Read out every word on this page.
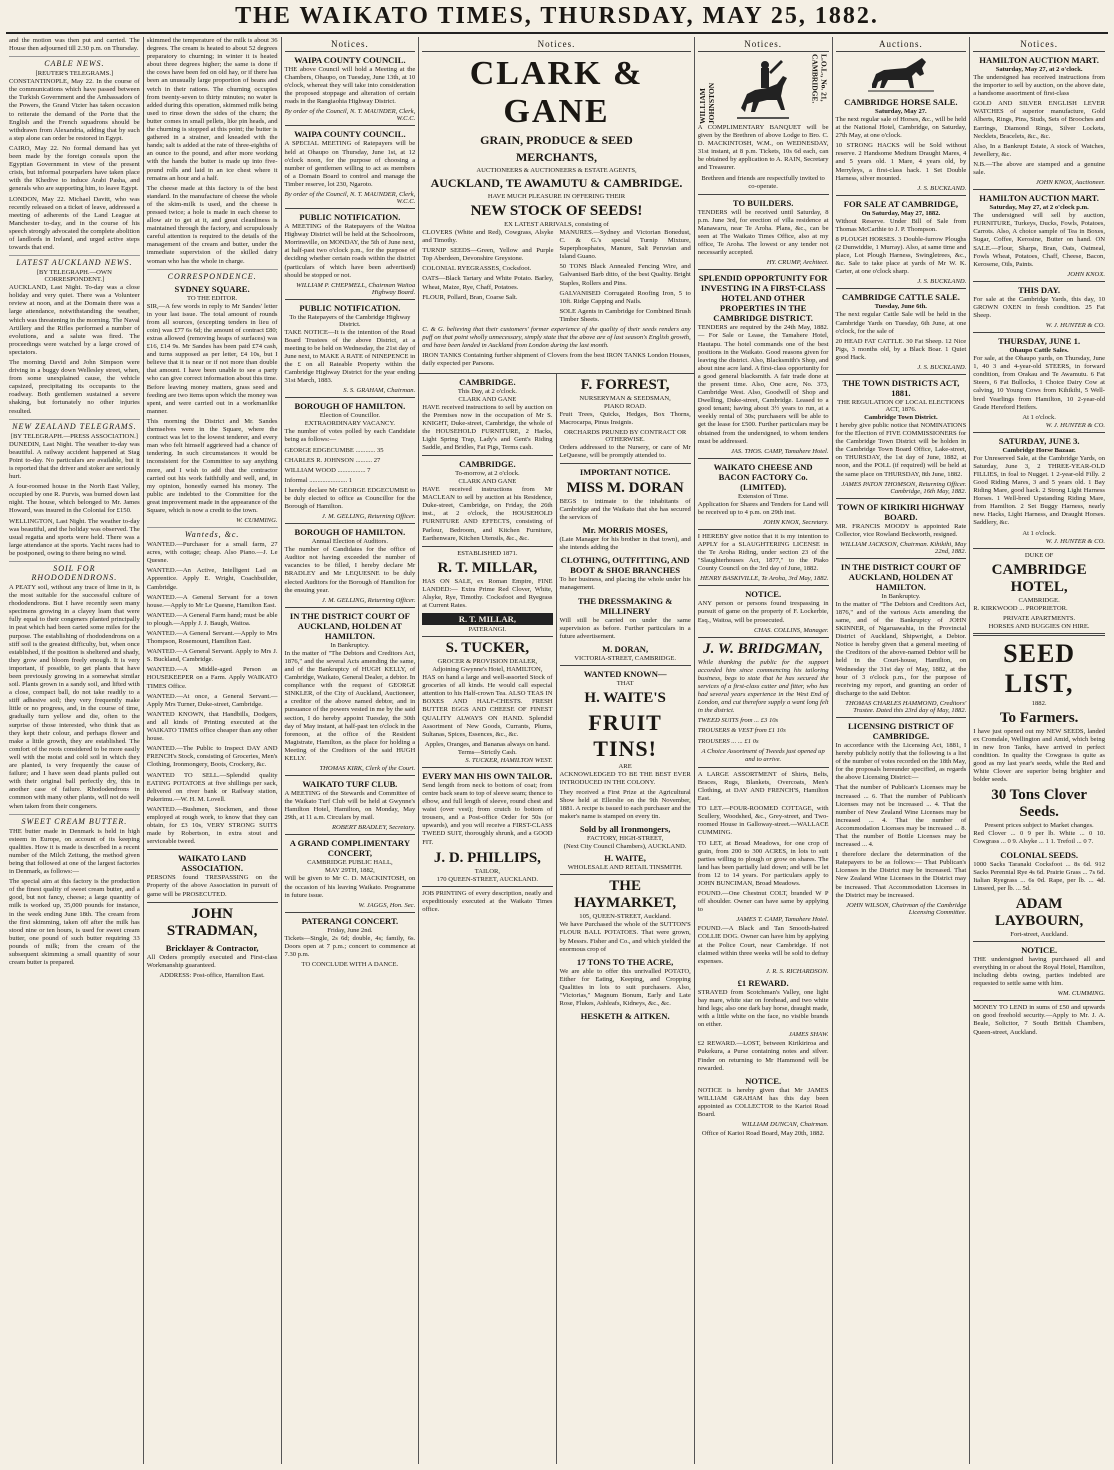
THE WAIKATO TIMES, THURSDAY, MAY 25, 1882.

and the motion was then put and carried. The House then adjourned till 2.30 p.m. on Thursday.

CABLE NEWS.
[REUTER'S TELEGRAMS.]

CONSTANTINOPLE, May 22. In the course of the communications which have passed between the Turkish Government and the Ambassadors of the Powers, the Grand Vizier has taken occasion to reiterate the demand of the Porte that the English and the French squadrons should be withdrawn from Alexandria, adding that by such a step alone can order be restored in Egypt.

CAIRO, May 22. No formal demand has yet been made by the foreign consuls upon the Egyptian Government in view of the present crisis, but informal pourparlers have taken place with the Khedive to induce Arabi Pasha, and generals who are supporting him, to leave Egypt.

LONDON, May 22. Michael Davitt, who was recently released on a ticket of leave, addressed a meeting of adherents of the Land League at Manchester to-day, and in the course of his speech strongly advocated the complete abolition of landlords in Ireland, and urged active steps towards that end.

LATEST AUCKLAND NEWS.
[BY TELEGRAPH.—OWN CORRESPONDENT.]

AUCKLAND, Last Night. To-day was a close holiday and very quiet. There was a Volunteer review at noon, and at the Domain there was a large attendance, notwithstanding the weather, which was threatening in the morning. The Naval Artillery and the Rifles performed a number of evolutions, and a salute was fired. The proceedings were watched by a large crowd of spectators.

The morning David and John Simpson were driving in a buggy down Wellesley street, when, from some unexplained cause, the vehicle capsized, precipitating its occupants to the roadway. Both gentlemen sustained a severe shaking, but fortunately no other injuries resulted.

NEW ZEALAND TELEGRAMS.
[BY TELEGRAPH.—PRESS ASSOCIATION.]

DUNEDIN, Last Night. The weather to-day was beautiful. A railway accident happened at Stag Point to-day. No particulars are available, but it is reported that the driver and stoker are seriously hurt.

A four-roomed house in the North East Valley, occupied by one R. Purvis, was burned down last night. The house, which belonged to Mr. James Howard, was insured in the Colonial for £150.

WELLINGTON, Last Night. The weather to-day was beautiful, and the holiday was observed. The usual regatta and sports were held. There was a large attendance at the sports. Yacht races had to be postponed, owing to there being no wind.

SOIL FOR RHODODENDRONS.

A PEATY soil, without any trace of lime in it, is the most suitable for the successful culture of rhododendrons. But I have recently seen many specimens growing in a clayey loam that were fully equal to their congeners planted principally in peat which had been carted some miles for the purpose. The establishing of rhododendrons on a stiff soil is the greatest difficulty, but, when once established, if the position is sheltered and shady, they grow and bloom freely enough. It is very important, if possible, to get plants that have been previously growing in a somewhat similar soil. Plants grown in a sandy soil, and lifted with a close, compact ball, do not take readily to a stiff adhesive soil; they very frequently make little or no progress, and, in the course of time, gradually turn yellow and die, often to the surprise of those interested, who think that as they kept their colour, and perhaps flower and make a little growth, they are established. The comfort of the roots considered to be more easily well with the moist and cold soil in which they are planted, is very frequently the cause of failure; and I have seen dead plants pulled out with their original ball perfectly dry, this in another case of failure. Rhododendrons in common with many other plants, will not do well when taken from their congeners.

SWEET CREAM BUTTER.

THE butter made in Denmark is held in high esteem in Europe, on account of its keeping qualities. How it is made is described in a recent number of the Milch Zeitung, the method given being that followed at one of the largest factories in Denmark, as follows:—

The special aim at this factory is the production of the finest quality of sweet cream butter, and a good, but not fancy, cheese; a large quantity of milk is worked up, 35,000 pounds for instance, in the week ending June 18th. The cream from the first skimming, taken off after the milk has stood nine or ten hours, is used for sweet cream butter, one pound of such butter requiring 33 pounds of milk; from the cream of the subsequent skimming a small quantity of sour cream butter is prepared.

skimmed the temperature of the milk is about 36 degrees. The cream is heated to about 52 degrees preparatory to churning; in winter it is heated about three degrees higher; the same is done if the cows have been fed on old hay, or if there has been an unusually large proportion of beans and vetch in their rations. The churning occupies from twenty-seven to thirty minutes; no water is added during this operation, skimmed milk being used to rinse down the sides of the churn; the butter comes in small pellets, like pin heads, and the churning is stopped at this point; the butter is gathered in a strainer, and kneaded with the hands; salt is added at the rate of three-eighths of an ounce to the pound, and after more working with the hands the butter is made up into five-pound rolls and laid in an ice chest where it remains an hour and a half.

The cheese made at this factory is of the best standard. In the manufacture of cheese the whole of the skim-milk is used, and the cheese is pressed twice; a hole is made in each cheese to allow air to get at it, and great cleanliness is maintained through the factory, and scrupulously careful attention is required to the details of the management of the cream and butter, under the immediate supervision of the skilled dairy woman who has the whole in charge.

CORRESPONDENCE.
SYDNEY SQUARE.
TO THE EDITOR.

SIR,—A few words in reply to Mr Sandes' letter in your last issue. The total amount of rounds from all sources, (excepting tenders in lieu of coin) was £77 6s 6d; the amount of contract £80; extras allowed (removing heaps of surfaces) was £16, £14 9s. Mr Sandes has been paid £74 cash, and turns supposed as per letter, £4 10s, but I believe that it is near or if not more than double that amount. I have been unable to see a party who can give correct information about this time. Before leaving money matters, grass seed and feeding are two items upon which the money was spent, and were carried out in a workmanlike manner.

This morning the District and Mr. Sandes themselves were in the Square, where the contract was let to the lowest tenderer, and every man who felt himself aggrieved had a chance of tendering. In such circumstances it would be inconsistent for the Committee to say anything more, and I wish to add that the contractor carried out his work faithfully and well, and, in my opinion, honestly earned his money. The public are indebted to the Committee for the great improvement made in the appearance of the Square, which is now a credit to the town.

W. CUMMING.
Wanteds, &c.

WANTED.—Purchaser for a small farm, 27 acres, with cottage; cheap. Also Piano.—J. Le Quesne.

WANTED.—An Active, Intelligent Lad as Apprentice. Apply E. Wright, Coachbuilder, Cambridge.

WANTED.—A General Servant for a town house.—Apply to Mr Le Quesne, Hamilton East.

WANTED.—A General Farm hand; must be able to plough.—Apply J. J. Baugh, Waitoa.

WANTED.—A General Servant.—Apply to Mrs Thompson, Rosemount, Hamilton East.

WANTED.—A General Servant. Apply to Mrs J. S. Buckland, Cambridge.

WANTED.—A Middle-aged Person as HOUSEKEEPER on a Farm. Apply WAIKATO TIMES Office.

WANTED.—At once, a General Servant.—Apply Mrs Turner, Duke-street, Cambridge.

WANTED KNOWN, that Handbills, Dodgers, and all kinds of Printing executed at the WAIKATO TIMES office cheaper than any other house.

WANTED.—The Public to Inspect DAY AND FRENCH's Stock, consisting of Groceries, Men's Clothing, Ironmongery, Boots, Crockery, &c.

WANTED TO SELL.—Splendid quality EATING POTATOES at five shillings per sack, delivered on river bank or Railway station, Pukerimu.—W. H. M. Lovell.

WANTED.—Bushmen, Stockmen, and those employed at rough work, to know that they can obtain, for £3 10s, VERY STRONG SUITS made by Robertson, in extra stout and serviceable tweed.

WAIKATO LAND ASSOCIATION.

PERSONS found TRESPASSING on the Property of the above Association in pursuit of game will be PROSECUTED.

JOHN STRADMAN,
Bricklayer & Contractor,

All Orders promptly executed and First-class Workmanship guaranteed.

ADDRESS: Post-office, Hamilton East.
Notices.
WAIPA COUNTY COUNCIL.

THE above Council will hold a Meeting at the Chambers, Ohaupo, on Tuesday, June 13th, at 10 o'clock, whereat they will take into consideration the proposed stoppage and alteration of certain roads in the Rangiaohia Highway District.

By order of the Council, N. T. MAUNDER, Clerk, W.C.C.
WAIPA COUNTY COUNCIL.

A SPECIAL MEETING of Ratepayers will be held at Ohaupo on Thursday, June 1st, at 12 o'clock noon, for the purpose of choosing a number of gentlemen willing to act as members of a Domain Board to control and manage the Timber reserve, lot 230, Ngaroto.

By order of the Council, N. T. MAUNDER, Clerk, W.C.C.
PUBLIC NOTIFICATION.

A MEETING of the Ratepayers of the Waitoa Highway District will be held at the Schoolroom, Morrinsville, on MONDAY, the 5th of June next, at half-past two o'clock p.m., for the purpose of deciding whether certain roads within the district (particulars of which have been advertised) should be stopped or not.

WILLIAM P. CHEPMELL, Chairman Waitoa Highway Board.
PUBLIC NOTIFICATION.
To the Ratepayers of the Cambridge Highway District.

TAKE NOTICE—It is the intention of the Road Board Trustees of the above District, at a meeting to be held on Wednesday, the 21st day of June next, to MAKE A RATE of NINEPENCE in the £ on all Rateable Property within the Cambridge Highway District for the year ending 31st March, 1883.

S. S. GRAHAM, Chairman.
BOROUGH OF HAMILTON.
Election of Councillor.
EXTRAORDINARY VACANCY.

The number of votes polled by each Candidate being as follows:—

GEORGE EDGECUMBE ............ 35

CHARLES R. JOHNSON .......... 27

WILLIAM WOOD ................. 7

Informal ....................... 1

I hereby declare Mr GEORGE EDGECUMBE to be duly elected to office as Councillor for the Borough of Hamilton.

J. M. GELLING, Returning Officer.
BOROUGH OF HAMILTON.
Annual Election of Auditors.

The number of Candidates for the office of Auditor not having exceeded the number of vacancies to be filled, I hereby declare Mr BRADLEY and Mr LEQUESNE to be duly elected Auditors for the Borough of Hamilton for the ensuing year.

J. M. GELLING, Returning Officer.
IN THE DISTRICT COURT OF AUCKLAND, HOLDEN AT HAMILTON.
In Bankruptcy.

In the matter of "The Debtors and Creditors Act, 1876," and the several Acts amending the same, and of the Bankruptcy of HUGH KELLY, of Cambridge, Waikato, General Dealer, a debtor. In compliance with the request of GEORGE SINKLER, of the City of Auckland, Auctioneer, a creditor of the above named debtor, and in pursuance of the powers vested in me by the said section, I do hereby appoint Tuesday, the 30th day of May instant, at half-past ten o'clock in the forenoon, at the office of the Resident Magistrate, Hamilton, as the place for holding a Meeting of the Creditors of the said HUGH KELLY.

THOMAS KIRK, Clerk of the Court.
WAIKATO TURF CLUB.

A MEETING of the Stewards and Committee of the Waikato Turf Club will be held at Gwynne's Hamilton Hotel, Hamilton, on Monday, May 29th, at 11 a.m. Circulars by mail.

ROBERT BRADLEY, Secretary.
A GRAND COMPLIMENTARY CONCERT,
CAMBRIDGE PUBLIC HALL,
MAY 29TH, 1882,

Will be given to Mr C. D. MACKINTOSH, on the occasion of his leaving Waikato. Programme in future issue.

W. JAGGS, Hon. Sec.
PATERANGI CONCERT.
Friday, June 2nd.

Tickets—Single, 2s 6d; double, 4s; family, 6s. Doors open at 7 p.m.; concert to commence at 7.30 p.m.

TO CONCLUDE WITH A DANCE.
Notices.
CLARK & GANE
GRAIN, PRODUCE & SEED
MERCHANTS,
AUCTIONEERS & AUCTIONEERS & ESTATE AGENTS,
AUCKLAND, TE AWAMUTU & CAMBRIDGE.
HAVE MUCH PLEASURE IN OFFERING THEIR
NEW STOCK OF SEEDS!
EX LATEST ARRIVALS, consisting of

CLOVERS (White and Red), Cowgrass, Alsyke and Timothy.

TURNIP SEEDS—Green, Yellow and Purple Top Aberdeen, Devonshire Greystone.

COLONIAL RYEGRASSES, Cocksfoot.

OATS—Black Tartary and White Potato. Barley, Wheat, Maize, Rye, Chaff, Potatoes.

FLOUR, Pollard, Bran, Coarse Salt.

MANURES.—Sydney and Victorian Bonedust, C. & G.'s special Turnip Mixture, Superphosphates, Manure, Salt Peruvian and Island Guano.

50 TONS Black Annealed Fencing Wire, and Galvanised Barb ditto, of the best Quality. Bright Staples, Rollers and Pins.

GALVANISED Corrugated Roofing Iron, 5 to 10ft. Ridge Capping and Nails.

SOLE Agents in Cambridge for Combined Brush Timber Sheets.

C. & G. believing that their customers' former experience of the quality of their seeds renders any puff on that point wholly unnecessary, simply state that the above are of last season's English growth, and have been landed in Auckland from London during the last month.

IRON TANKS Containing further shipment of Clovers from the best IRON TANKS London Houses, daily expected per Parsons.

CAMBRIDGE.
This Day, at 2 o'clock.
CLARK AND GANE

HAVE received instructions to sell by auction on the Premises now in the occupation of Mr S. KNIGHT, Duke-street, Cambridge, the whole of the HOUSEHOLD FURNITURE, 2 Hacks, Light Spring Trap, Lady's and Gent's Riding Saddle, and Bridles, Fat Pigs, Terms cash.

CAMBRIDGE.
To-morrow, at 2 o'clock.
CLARK AND GANE

HAVE received instructions from Mr MACLEAN to sell by auction at his Residence, Duke-street, Cambridge, on Friday, the 26th inst., at 2 o'clock, the HOUSEHOLD FURNITURE AND EFFECTS, consisting of Parlour, Bedroom, and Kitchen Furniture, Earthenware, Kitchen Utensils, &c., &c.

ESTABLISHED 1871.
R. T. MILLAR,

HAS ON SALE, ex Roman Empire, FINE LANDED:— Extra Prime Red Clover, White, Alsyke, Rye, Timothy. Cocksfoot and Ryegrass at Current Rates.

R. T. MILLAR,
PATERANGI.
S. TUCKER,
GROCER & PROVISION DEALER,
Adjoining Gwynne's Hotel, HAMILTON,

HAS on hand a large and well-assorted Stock of groceries of all kinds. He would call especial attention to his Half-crown Tea. ALSO TEAS IN BOXES AND HALF-CHESTS. FRESH BUTTER EGGS AND CHEESE OF FINEST QUALITY ALWAYS ON HAND. Splendid Assortment of New Goods, Currants, Plums, Sultanas, Spices, Essences, &c., &c.

Apples, Oranges, and Bananas always on hand.
Terms—Strictly Cash.
S. TUCKER, HAMILTON WEST.
EVERY MAN HIS OWN TAILOR.

Send length from neck to bottom of coat; from centre back seam to top of sleeve seam; thence to elbow, and full length of sleeve, round chest and waist (over vest); from crutch to bottom of trousers, and a Post-office Order for 50s (or upwards), and you will receive a FIRST-CLASS TWEED SUIT, thoroughly shrunk, and a GOOD FIT.

J. D. PHILLIPS,
TAILOR,
170 QUEEN-STREET, AUCKLAND.

JOB PRINTING of every description, neatly and expeditiously executed at the Waikato Times office.

F. FORREST,
NURSERYMAN & SEEDSMAN,
PIAKO ROAD.

Fruit Trees, Quicks, Hedges, Box Thorns, Macrocarpa, Pinus Insignis.

ORCHARDS PRUNED BY CONTRACT OR OTHERWISE.

Orders addressed to the Nursery, or care of Mr LeQuesne, will be promptly attended to.

IMPORTANT NOTICE.
MISS M. DORAN

BEGS to intimate to the inhabitants of Cambridge and the Waikato that she has secured the services of

Mr. MORRIS MOSES,

(Late Manager for his brother in that town), and she intends adding the

CLOTHING, OUTFITTING, AND BOOT & SHOE BRANCHES

To her business, and placing the whole under his management.

THE DRESSMAKING & MILLINERY

Will still be carried on under the same supervision as before. Further particulars in a future advertisement.

M. DORAN,
VICTORIA-STREET, CAMBRIDGE.
WANTED KNOWN—
THAT
H. WAITE'S
FRUIT TINS!
ARE

ACKNOWLEDGED TO BE THE BEST EVER INTRODUCED IN THE COLONY.

They received a First Prize at the Agricultural Show held at Ellerslie on the 9th November, 1881. A recipe is issued to each purchaser and the maker's name is stamped on every tin.

Sold by all Ironmongers,
FACTORY, HIGH-STREET,
(Next City Council Chambers), AUCKLAND.
H. WAITE,
WHOLESALE AND RETAIL TINSMITH.
THE HAYMARKET,
105, QUEEN-STREET, Auckland.

We have Purchased the whole of the SUTTON'S FLOUR BALL POTATOES. That were grown, by Messrs. Fisher and Co., and which yielded the enormous crop of

17 TONS TO THE ACRE,

We are able to offer this unrivalled POTATO, Either for Eating, Keeping, and Cropping Qualities in lots to suit purchasers. Also, "Victorias," Magnum Bonum, Early and Late Rose, Flukes, Ashleafs, Kidneys, &c., &c.

HESKETH & AITKEN.
Notices.
WILLIAM JOHNSTON
L.O.L., No. 21, CAMBRIDGE.

A COMPLIMENTARY BANQUET will be given by the Brethren of above Lodge to Bro. C. D. MACKINTOSH, W.M., on WEDNESDAY, 31st instant, at 8 p.m. Tickets, 10s 6d each, can be obtained by application to A. RAIN, Secretary and Treasurer.

Brethren and friends are respectfully invited to co-operate.

TO BUILDERS.

TENDERS will be received until Saturday, 8 p.m. June 3rd, for erection of villa residence at Manawaru, near Te Aroha. Plans, &c., can be seen at The Waikato Times Office, also at my office, Te Aroha. The lowest or any tender not necessarily accepted.

HY. CRUMP, Architect.
SPLENDID OPPORTUNITY FOR INVESTING IN A FIRST-CLASS HOTEL AND OTHER PROPERTIES IN THE CAMBRIDGE DISTRICT.

TENDERS are required by the 24th May, 1882.— For Sale or Lease, the Tamahere Hotel, Hautapu. The hotel commands one of the best positions in the Waikato. Good reasons given for leaving the district. Also, Blacksmith's Shop, and about nine acre land. A first-class opportunity for a good general blacksmith. A fair trade done at the present time. Also, One acre, No. 373, Cambridge West. Also, Goodwill of Shop and Dwelling, Duke-street, Cambridge. Leased to a good tenant; having about 3½ years to run, at a weekly rental of 30s; purchasers will be able to get the lease for £500. Further particulars may be obtained from the undersigned, to whom tenders must be addressed.

JAS. THOS. CAMP, Tamahere Hotel.
WAIKATO CHEESE AND BACON FACTORY Co. (LIMITED).
Extension of Time.

Application for Shares and Tenders for Land will be received up to 4 p.m. on 29th inst.

JOHN KNOX, Secretary.

I HEREBY give notice that it is my intention to APPLY for a SLAUGHTERING LICENSE in the Te Aroha Riding, under section 23 of the "Slaughterhouses Act, 1877," to the Piako County Council on the 3rd day of June, 1882.

HENRY BASKIVILLE, Te Aroha, 3rd May, 1882.
NOTICE.

ANY person or persons found trespassing in pursuit of game on the property of F. Lockerbie, Esq., Waitoa, will be prosecuted.

CHAS. COLLINS, Manager.
J. W. BRIDGMAN,

While thanking the public for the support accorded him since commencing his tailoring business, begs to state that he has secured the services of a first-class cutter and fitter, who has had several years experience in the West End of London, and cut therefore supply a want long felt in the district.

TWEED SUITS from ... £3 10s

TROUSERS & VEST from £1 10s

TROUSERS ... ... £1 0s

A Choice Assortment of Tweeds just opened up and to arrive.

A LARGE ASSORTMENT of Shirts, Belts, Braces, Rugs, Blankets, Overcoats, Men's Clothing, at DAY AND FRENCH'S, Hamilton East.

TO LET.—FOUR-ROOMED COTTAGE, with Scullery, Woodshed, &c., Grey-street, and Two-roomed House in Galloway-street.—WALLACE CUMMING.

TO LET, at Broad Meadows, for one crop of grain, from 200 to 300 ACRES, in lots to suit parties willing to plough or grow on shares. The land has been partially laid down; and will be let from 12 to 14 years. For particulars apply to JOHN BUNCIMAN, Broad Meadows.

FOUND.—One Chestnut COLT, branded W P off shoulder. Owner can have same by applying to

JAMES T. CAMP, Tamahere Hotel.

FOUND.—A Black and Tan Smooth-haired COLLIE DOG. Owner can have him by applying at the Police Court, near Cambridge. If not claimed within three weeks will be sold to defray expenses.

J. R. S. RICHARDSON.
£1 REWARD.

STRAYED from Scotchman's Valley, one light bay mare, white star on forehead, and two white hind legs; also one dark bay horse, draught made, with a little white on the face, no visible brands on either.

JAMES SHAW.

£2 REWARD.—LOST, between Kirikiriroa and Pukekura, a Purse containing notes and silver. Finder on returning to Mr Hammond will be rewarded.

NOTICE.

NOTICE is hereby given that Mr JAMES WILLIAM GRAHAM has this day been appointed as COLLECTOR to the Karioi Road Board.

WILLIAM DUNCAN, Chairman.
Office of Karioi Road Board, May 20th, 1882.
Auctions.
CAMBRIDGE HORSE SALE.
Saturday, May 27.

The next regular sale of Horses, &c., will be held at the National Hotel, Cambridge, on Saturday, 27th May, at one o'clock.

10 STRONG HACKS will be Sold without reserve. 2 Handsome Medium Draught Mares, 4 and 5 years old. 1 Mare, 4 years old, by Merryleys, a first-class hack. 1 Set Double Harness, silver mounted.

J. S. BUCKLAND.
FOR SALE AT CAMBRIDGE,
On Saturday, May 27, 1882.

Without Reserve. Under Bill of Sale from Thomas McCarthie to J. P. Thompson.

8 PLOUGH HORSES. 3 Double-furrow Ploughs (2 Dunwiddie, 1 Murray). Also, at same time and place, Lot Plough Harness, Swingletrees, &c., &c. Sale to take place at yards of Mr W. K. Carter, at one o'clock sharp.

J. S. BUCKLAND.
CAMBRIDGE CATTLE SALE.
Tuesday, June 6th.

The next regular Cattle Sale will be held in the Cambridge Yards on Tuesday, 6th June, at one o'clock, for the sale of

20 HEAD FAT CATTLE. 30 Fat Sheep. 12 Nice Pigs, 3 months old, by a Black Boar. 1 Quiet good Hack.

J. S. BUCKLAND.
THE TOWN DISTRICTS ACT, 1881.
THE REGULATION OF LOCAL ELECTIONS ACT, 1876.
Cambridge Town District.

I hereby give public notice that NOMINATIONS for the Election of FIVE COMMISSIONERS for the Cambridge Town District will be holden in the Cambridge Town Board Office, Lake-street, on THURSDAY, the 1st day of June, 1882, at noon, and the POLL (if required) will be held at the same place on THURSDAY, 8th June, 1882.

JAMES PATON THOMSON, Returning Officer. Cambridge, 16th May, 1882.
TOWN OF KIRIKIRI HIGHWAY BOARD.

MR. FRANCIS MOODY is appointed Rate Collector, vice Rowland Beckworth, resigned.

WILLIAM JACKSON, Chairman. Kihikihi, May 22nd, 1882.
IN THE DISTRICT COURT OF AUCKLAND, HOLDEN AT HAMILTON.
In Bankruptcy.

In the matter of "The Debtors and Creditors Act, 1876," and of the various Acts amending the same, and of the Bankruptcy of JOHN SKINNER, of Ngaruawahia, in the Provincial District of Auckland, Shipwright, a Debtor. Notice is hereby given that a general meeting of the Creditors of the above-named Debtor will be held in the Court-house, Hamilton, on Wednesday the 31st day of May, 1882, at the hour of 3 o'clock p.m., for the purpose of receiving my report, and granting an order of discharge to the said Debtor.

THOMAS CHARLES HAMMOND, Creditors' Trustee. Dated this 23rd day of May, 1882.
LICENSING DISTRICT OF CAMBRIDGE.

In accordance with the Licensing Act, 1881, I hereby publicly notify that the following is a list of the number of votes recorded on the 18th May, for the proposals hereunder specified, as regards the above Licensing District:—

That the number of Publican's Licenses may be increased ... 6. That the number of Publican's Licenses may not be increased ... 4. That the number of New Zealand Wine Licenses may be increased ... 4. That the number of Accommodation Licenses may be increased ... 8. That the number of Bottle Licenses may be increased ... 4.

I therefore declare the determination of the Ratepayers to be as follows:— That Publican's Licenses in the District may be increased. That New Zealand Wine Licenses in the District may be increased. That Accommodation Licenses in the District may be increased.

JOHN WILSON, Chairman of the Cambridge Licensing Committee.
Notices.
HAMILTON AUCTION MART.
Saturday, May 27, at 2 o'clock.

The undersigned has received instructions from the importer to sell by auction, on the above date, a handsome assortment of first-class

GOLD AND SILVER ENGLISH LEVER WATCHES of superior manufacture, Gold Alberts, Rings, Pins, Studs, Sets of Brooches and Earrings, Diamond Rings, Silver Lockets, Necklets, Bracelets, &c., &c.

Also, In a Bankrupt Estate, A stock of Watches, Jewellery, &c.

N.B.—The above are stamped and a genuine sale.

JOHN KNOX, Auctioneer.
HAMILTON AUCTION MART.
Saturday, May 27, at 2 o'clock p.m.

The undersigned will sell by auction, FURNITURE, Turkeys, Ducks, Fowls, Potatoes, Carrots. Also, A choice sample of Tea in Boxes, Sugar, Coffee, Kerosine, Butter on hand. ON SALE.—Flour, Sharps, Bran, Oats, Oatmeal, Fowls Wheat, Potatoes, Chaff, Cheese, Bacon, Kerosene, Oils, Paints.

JOHN KNOX.
THIS DAY.

For sale at the Cambridge Yards, this day, 10 GROWN OXEN in fresh condition. 25 Fat Sheep.

W. J. HUNTER & CO.
THURSDAY, JUNE 1.
Ohaupo Cattle Sales.

For sale, at the Ohaupo yards, on Thursday, June 1, 40 3 and 4-year-old STEERS, in forward condition, from Orakau and Te Awamutu. 6 Fat Steers, 6 Fat Bullocks, 1 Choice Dairy Cow at calving, 10 Young Cows from Kihikihi, 5 Well-bred Yearlings from Hamilton, 10 2-year-old Grade Hereford Heifers.

At 1 o'clock.
W. J. HUNTER & CO.
SATURDAY, JUNE 3.
Cambridge Horse Bazaar.

For Unreserved Sale, at the Cambridge Yards, on Saturday, June 3, 2 THREE-YEAR-OLD FILLIES, in foal to Nugget. 1 2-year-old Filly. 2 Good Riding Mares, 3 and 5 years old. 1 Bay Riding Mare, good hack. 2 Strong Light Harness Horses. 1 Well-bred Upstanding Riding Mare, from Hamilton. 2 Set Buggy Harness, nearly new. Hacks, Light Harness, and Draught Horses. Saddlery, &c.

At 1 o'clock.
W. J. HUNTER & CO.
DUKE OF
CAMBRIDGE HOTEL,
CAMBRIDGE.

R. KIRKWOOD ... PROPRIETOR.

PRIVATE APARTMENTS.
HORSES AND BUGGIES ON HIRE.
SEED LIST,
1882.
To Farmers.

I have just opened out my NEW SEEDS, landed ex Cromdale, Wellington and Amid, which being in new Iron Tanks, have arrived in perfect condition. In quality the Cowgrass is quite as good as my last year's seeds, while the Red and White Clover are superior being brighter and bolder seeds.

30 Tons Clover Seeds.
Present prices subject to Market changes.

Red Clover ... 0 9 per lb. White ... 0 10. Cowgrass ... 0 9. Alsyke ... 1 1. Trefoil ... 0 7.

COLONIAL SEEDS.

1000 Sacks Taranaki Cocksfoot ... 8s 6d. 912 Sacks Perennial Rye 4s 6d. Prairie Grass ... 7s 6d. Italian Ryegrass ... 6s 0d. Rape, per lb. ... 4d. Linseed, per lb. ... 5d.

ADAM LAYBOURN,
Fort-street, Auckland.
NOTICE.

THE undersigned having purchased all and everything in or about the Royal Hotel, Hamilton, including debts owing, parties indebted are requested to settle same with him.

WM. CUMMING.

MONEY TO LEND in sums of £50 and upwards on good freehold security.—Apply to Mr. J. A. Beale, Solicitor, 7 South British Chambers, Queen-street, Auckland.
